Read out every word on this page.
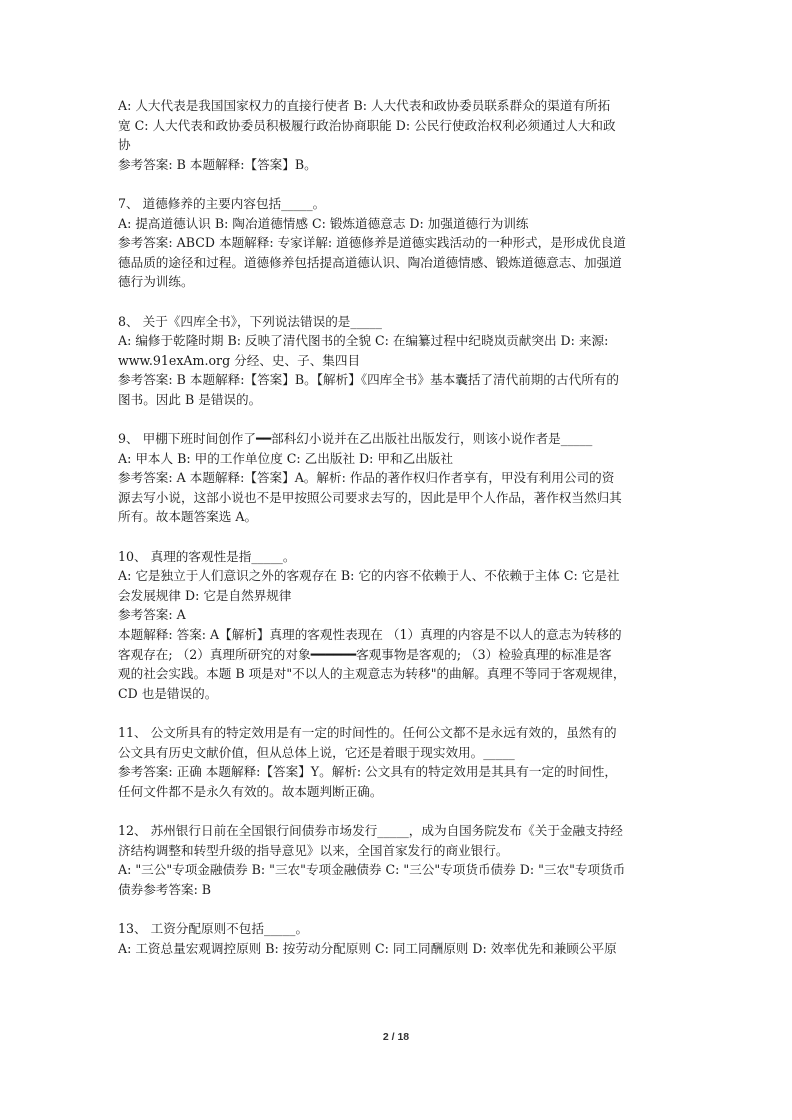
A: 人大代表是我国国家权力的直接行使者 B: 人大代表和政协委员联系群众的渠道有所拓
宽 C: 人大代表和政协委员积极履行政治协商职能 D: 公民行使政治权利必须通过人大和政
协
参考答案: B 本题解释:【答案】B。
7、 道德修养的主要内容包括_____。
A: 提高道德认识 B: 陶冶道德情感 C: 锻炼道德意志 D: 加强道德行为训练
参考答案: ABCD 本题解释: 专家详解: 道德修养是道德实践活动的一种形式，是形成优良道
德品质的途径和过程。道德修养包括提高道德认识、陶冶道德情感、锻炼道德意志、加强道
德行为训练。
8、 关于《四库全书》，下列说法错误的是_____
A: 编修于乾隆时期 B: 反映了清代图书的全貌 C: 在编纂过程中纪晓岚贡献突出 D: 来源:
www.91exAm.org 分经、史、子、集四目
参考答案: B 本题解释:【答案】B。【解析】《四库全书》基本囊括了清代前期的古代所有的
图书。因此 B 是错误的。
9、 甲棚下班时间创作了━━部科幻小说并在乙出版社出版发行，则该小说作者是_____
A: 甲本人 B: 甲的工作单位度 C: 乙出版社 D: 甲和乙出版社
参考答案: A 本题解释:【答案】A。解析: 作品的著作权归作者享有，甲没有利用公司的资
源去写小说，这部小说也不是甲按照公司要求去写的，因此是甲个人作品，著作权当然归其
所有。故本题答案选 A。
10、 真理的客观性是指_____。
A: 它是独立于人们意识之外的客观存在 B: 它的内容不依赖于人、不依赖于主体 C: 它是社
会发展规律 D: 它是自然界规律
参考答案: A
本题解释: 答案: A【解析】真理的客观性表现在 （1）真理的内容是不以人的意志为转移的
客观存在; （2）真理所研究的对象━━━━━━客观事物是客观的; （3）检验真理的标准是客
观的社会实践。本题 B 项是对"不以人的主观意志为转移"的曲解。真理不等同于客观规律，
CD 也是错误的。
11、 公文所具有的特定效用是有一定的时间性的。任何公文都不是永远有效的，虽然有的
公文具有历史文献价值，但从总体上说，它还是着眼于现实效用。_____
参考答案: 正确 本题解释:【答案】Y。解析: 公文具有的特定效用是其具有一定的时间性，
任何文件都不是永久有效的。故本题判断正确。
12、 苏州银行日前在全国银行间债券市场发行_____，成为自国务院发布《关于金融支持经
济结构调整和转型升级的指导意见》以来，全国首家发行的商业银行。
A: "三公"专项金融债券 B: "三农"专项金融债券 C: "三公"专项货币债券 D: "三农"专项货币
债券参考答案: B
13、 工资分配原则不包括_____。
A: 工资总量宏观调控原则 B: 按劳动分配原则 C: 同工同酬原则 D: 效率优先和兼顾公平原
2 / 18
